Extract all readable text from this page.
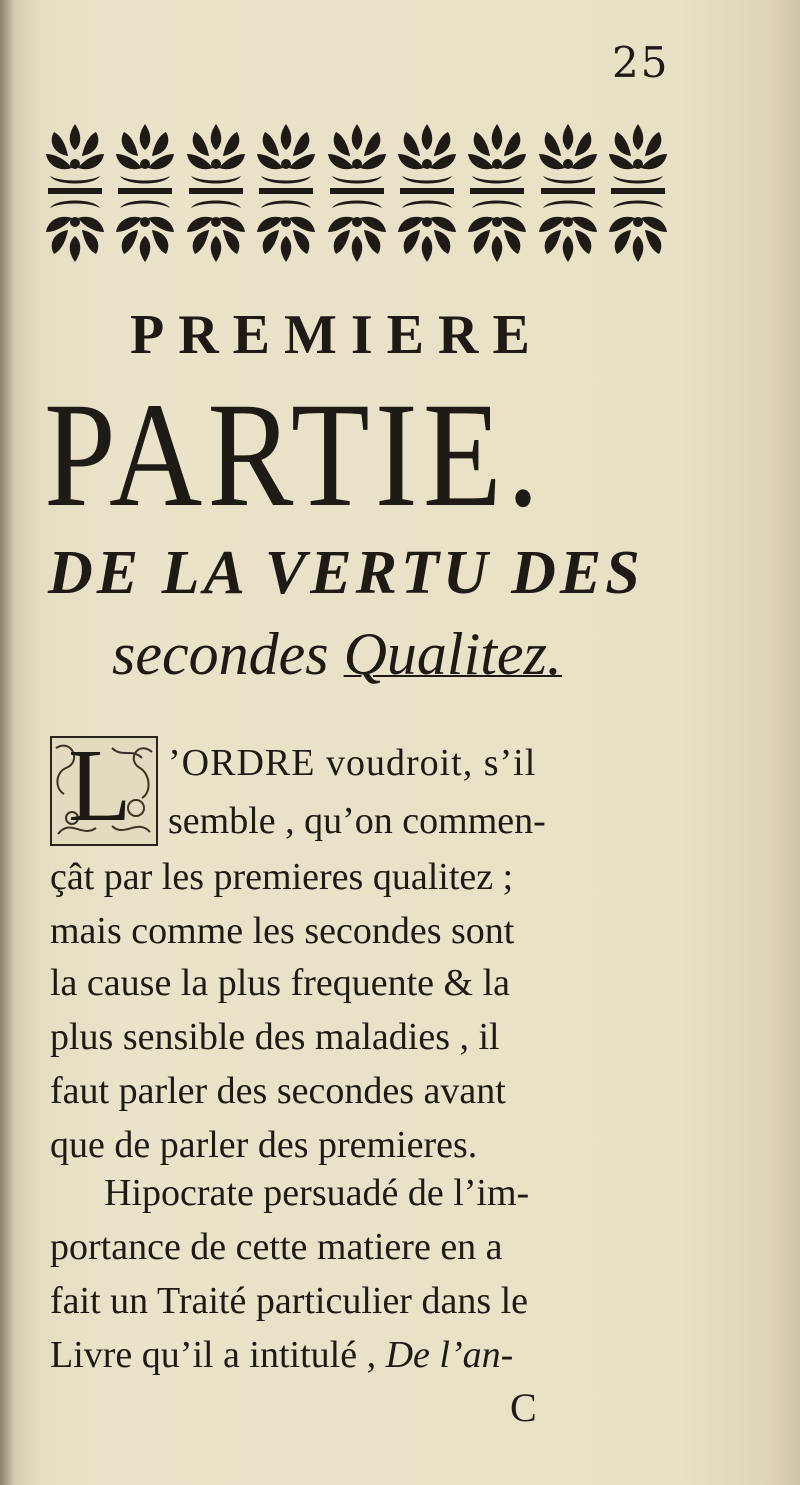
25
PREMIERE
PARTIE.
DE LA VERTU DES
secondes Qualitez.
L ’ORDRE voudroit, s’il
semble , qu’on commen-
çât par les premieres qualitez ;
mais comme les secondes sont
la cause la plus frequente & la
plus sensible des maladies , il
faut parler des secondes avant
que de parler des premieres.
Hipocrate persuadé de l’im-
portance de cette matiere en a
fait un Traité particulier dans le
Livre qu’il a intitulé , De l’an-
C
